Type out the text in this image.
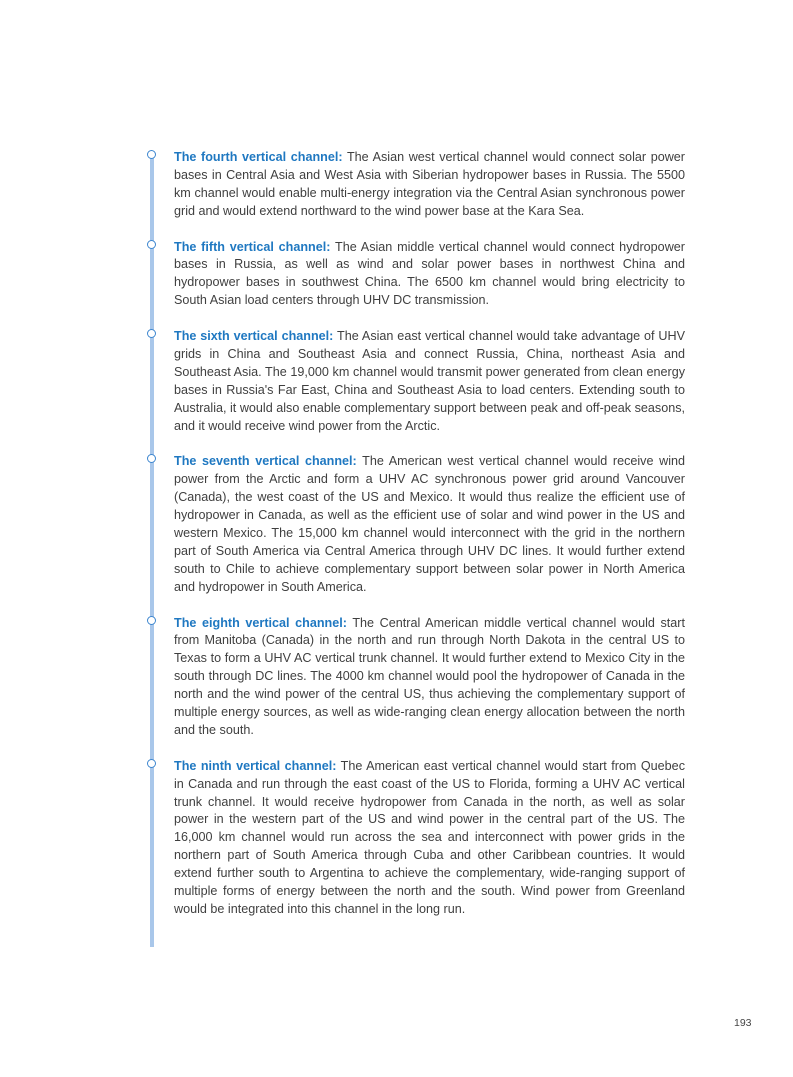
The fourth vertical channel: The Asian west vertical channel would connect solar power bases in Central Asia and West Asia with Siberian hydropower bases in Russia. The 5500 km channel would enable multi-energy integration via the Central Asian synchronous power grid and would extend northward to the wind power base at the Kara Sea.

The fifth vertical channel: The Asian middle vertical channel would connect hydropower bases in Russia, as well as wind and solar power bases in northwest China and hydropower bases in southwest China. The 6500 km channel would bring electricity to South Asian load centers through UHV DC transmission.

The sixth vertical channel: The Asian east vertical channel would take advantage of UHV grids in China and Southeast Asia and connect Russia, China, northeast Asia and Southeast Asia. The 19,000 km channel would transmit power generated from clean energy bases in Russia's Far East, China and Southeast Asia to load centers. Extending south to Australia, it would also enable complementary support between peak and off-peak seasons, and it would receive wind power from the Arctic.

The seventh vertical channel: The American west vertical channel would receive wind power from the Arctic and form a UHV AC synchronous power grid around Vancouver (Canada), the west coast of the US and Mexico. It would thus realize the efficient use of hydropower in Canada, as well as the efficient use of solar and wind power in the US and western Mexico. The 15,000 km channel would interconnect with the grid in the northern part of South America via Central America through UHV DC lines. It would further extend south to Chile to achieve complementary support between solar power in North America and hydropower in South America.

The eighth vertical channel: The Central American middle vertical channel would start from Manitoba (Canada) in the north and run through North Dakota in the central US to Texas to form a UHV AC vertical trunk channel. It would further extend to Mexico City in the south through DC lines. The 4000 km channel would pool the hydropower of Canada in the north and the wind power of the central US, thus achieving the complementary support of multiple energy sources, as well as wide-ranging clean energy allocation between the north and the south.

The ninth vertical channel: The American east vertical channel would start from Quebec in Canada and run through the east coast of the US to Florida, forming a UHV AC vertical trunk channel. It would receive hydropower from Canada in the north, as well as solar power in the western part of the US and wind power in the central part of the US. The 16,000 km channel would run across the sea and interconnect with power grids in the northern part of South America through Cuba and other Caribbean countries. It would extend further south to Argentina to achieve the complementary, wide-ranging support of multiple forms of energy between the north and the south. Wind power from Greenland would be integrated into this channel in the long run.

193
